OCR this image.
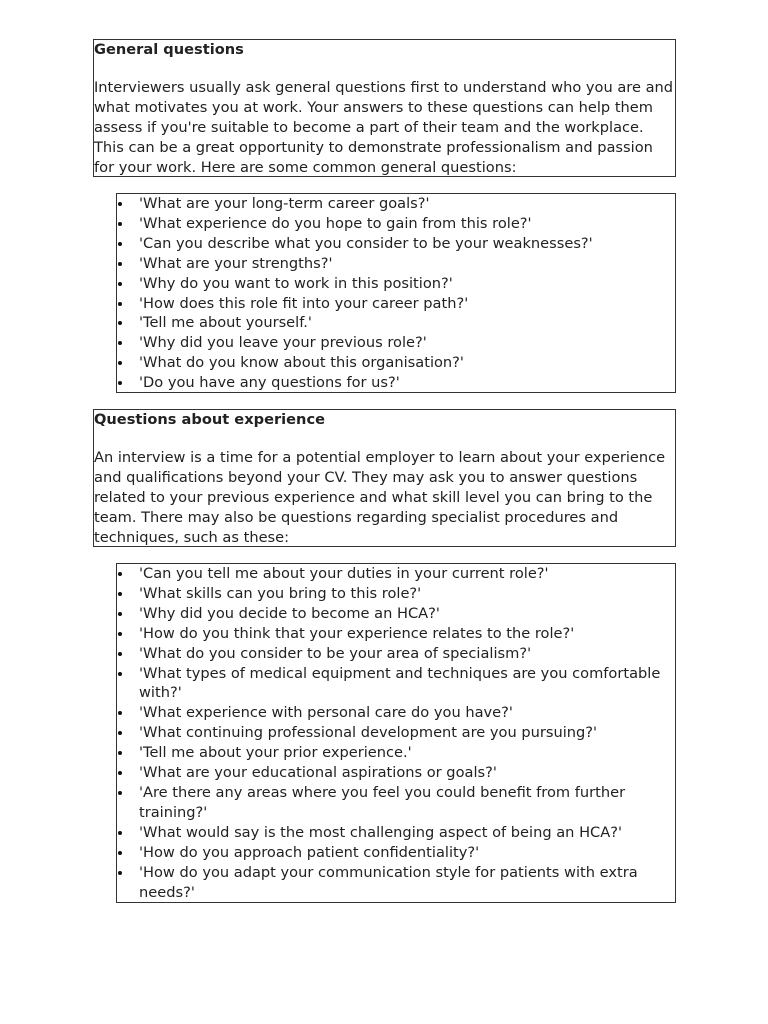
General questions

Interviewers usually ask general questions first to understand who you are and what motivates you at work. Your answers to these questions can help them assess if you're suitable to become a part of their team and the workplace. This can be a great opportunity to demonstrate professionalism and passion for your work. Here are some common general questions:

'What are your long-term career goals?'
'What experience do you hope to gain from this role?'
'Can you describe what you consider to be your weaknesses?'
'What are your strengths?'
'Why do you want to work in this position?'
'How does this role fit into your career path?'
'Tell me about yourself.'
'Why did you leave your previous role?'
'What do you know about this organisation?'
'Do you have any questions for us?'

Questions about experience

An interview is a time for a potential employer to learn about your experience and qualifications beyond your CV. They may ask you to answer questions related to your previous experience and what skill level you can bring to the team. There may also be questions regarding specialist procedures and techniques, such as these:

'Can you tell me about your duties in your current role?'
'What skills can you bring to this role?'
'Why did you decide to become an HCA?'
'How do you think that your experience relates to the role?'
'What do you consider to be your area of specialism?'
'What types of medical equipment and techniques are you comfortable with?'
'What experience with personal care do you have?'
'What continuing professional development are you pursuing?'
'Tell me about your prior experience.'
'What are your educational aspirations or goals?'
'Are there any areas where you feel you could benefit from further training?'
'What would say is the most challenging aspect of being an HCA?'
'How do you approach patient confidentiality?'
'How do you adapt your communication style for patients with extra needs?'
